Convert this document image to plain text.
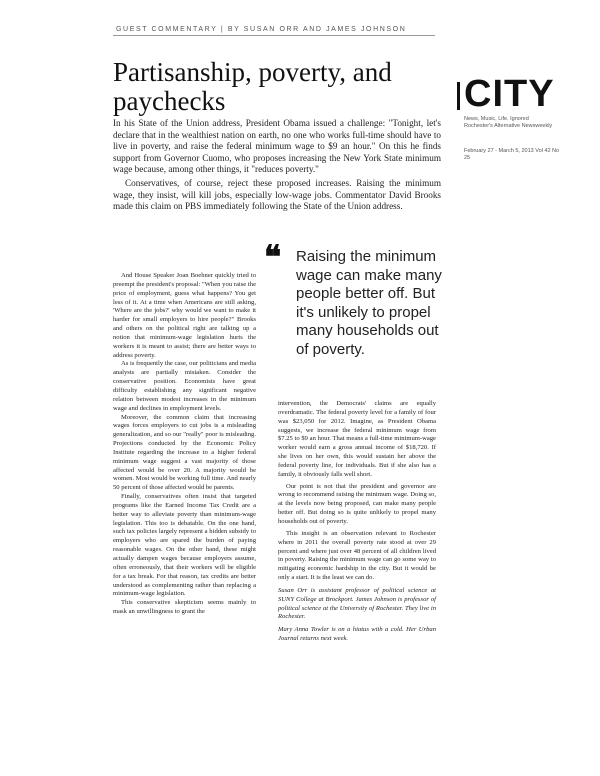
GUEST COMMENTARY | BY SUSAN ORR AND JAMES JOHNSON
Partisanship, poverty, and paychecks

In his State of the Union address, President Obama issued a challenge: "Tonight, let's declare that in the wealthiest nation on earth, no one who works full-time should have to live in poverty, and raise the federal minimum wage to $9 an hour." On this he finds support from Governor Cuomo, who proposes increasing the New York State minimum wage because, among other things, it "reduces poverty."

Conservatives, of course, reject these proposed increases. Raising the minimum wage, they insist, will kill jobs, especially low-wage jobs. Commentator David Brooks made this claim on PBS immediately following the State of the Union address.

And House Speaker Joan Boehner quickly tried to preempt the president's proposal: "When you raise the price of employment, guess what happens? You get less of it. At a time when Americans are still asking, 'Where are the jobs?' why would we want to make it harder for small employers to hire people?" Brooks and others on the political right are talking up a notion that minimum-wage legislation hurts the workers it is meant to assist; there are better ways to address poverty.

As is frequently the case, our politicians and media analysts are partially mistaken. Consider the conservative position. Economists have great difficulty establishing any significant negative relation between modest increases in the minimum wage and declines in employment levels.

Moreover, the common claim that increasing wages forces employers to cut jobs is a misleading generalization, and so our "really" poor is misleading. Projections conducted by the Economic Policy Institute regarding the increase to a higher federal minimum wage suggest a vast majority of those affected would be over 20. A majority would be women. Most would be working full time. And nearly 50 percent of those affected would be parents.

Finally, conservatives often insist that targeted programs like the Earned Income Tax Credit are a better way to alleviate poverty than minimum-wage legislation. This too is debatable. On the one hand, such tax policies largely represent a hidden subsidy to employers who are spared the burden of paying reasonable wages. On the other hand, these might actually dampen wages because employers assume, often erroneously, that their workers will be eligible for a tax break. For that reason, tax credits are better understood as complementing rather than replacing a minimum-wage legislation.

This conservative skepticism seems mainly to mask an unwillingness to grant the

❝ Raising the minimum wage can make many people better off. But it's unlikely to propel many households out of poverty.

intervention, the Democrats' claims are equally overdramatic. The federal poverty level for a family of four was $23,050 for 2012. Imagine, as President Obama suggests, we increase the federal minimum wage from $7.25 to $9 an hour. That means a full-time minimum-wage worker would earn a gross annual income of $18,720. If she lives on her own, this would sustain her above the federal poverty line, for individuals. But if she also has a family, it obviously falls well short.

Our point is not that the president and governor are wrong to recommend raising the minimum wage. Doing so, at the levels now being proposed, can make many people better off. But doing so is quite unlikely to propel many households out of poverty.

This insight is an observation relevant to Rochester where in 2011 the overall poverty rate stood at over 29 percent and where just over 48 percent of all children lived in poverty. Raising the minimum wage can go some way to mitigating economic hardship in the city. But it would be only a start. It is the least we can do.

Susan Orr is assistant professor of political science at SUNY College at Brockport. James Johnson is professor of political science at the University of Rochester. They live in Rochester.

Mary Anna Towler is on a hiatus with a cold. Her Urban Journal returns next week.

CITY
News, Music, Life. Ignored Rochester's Alternative Newsweekly
February 27 - March 5, 2013 Vol 42 No 25
